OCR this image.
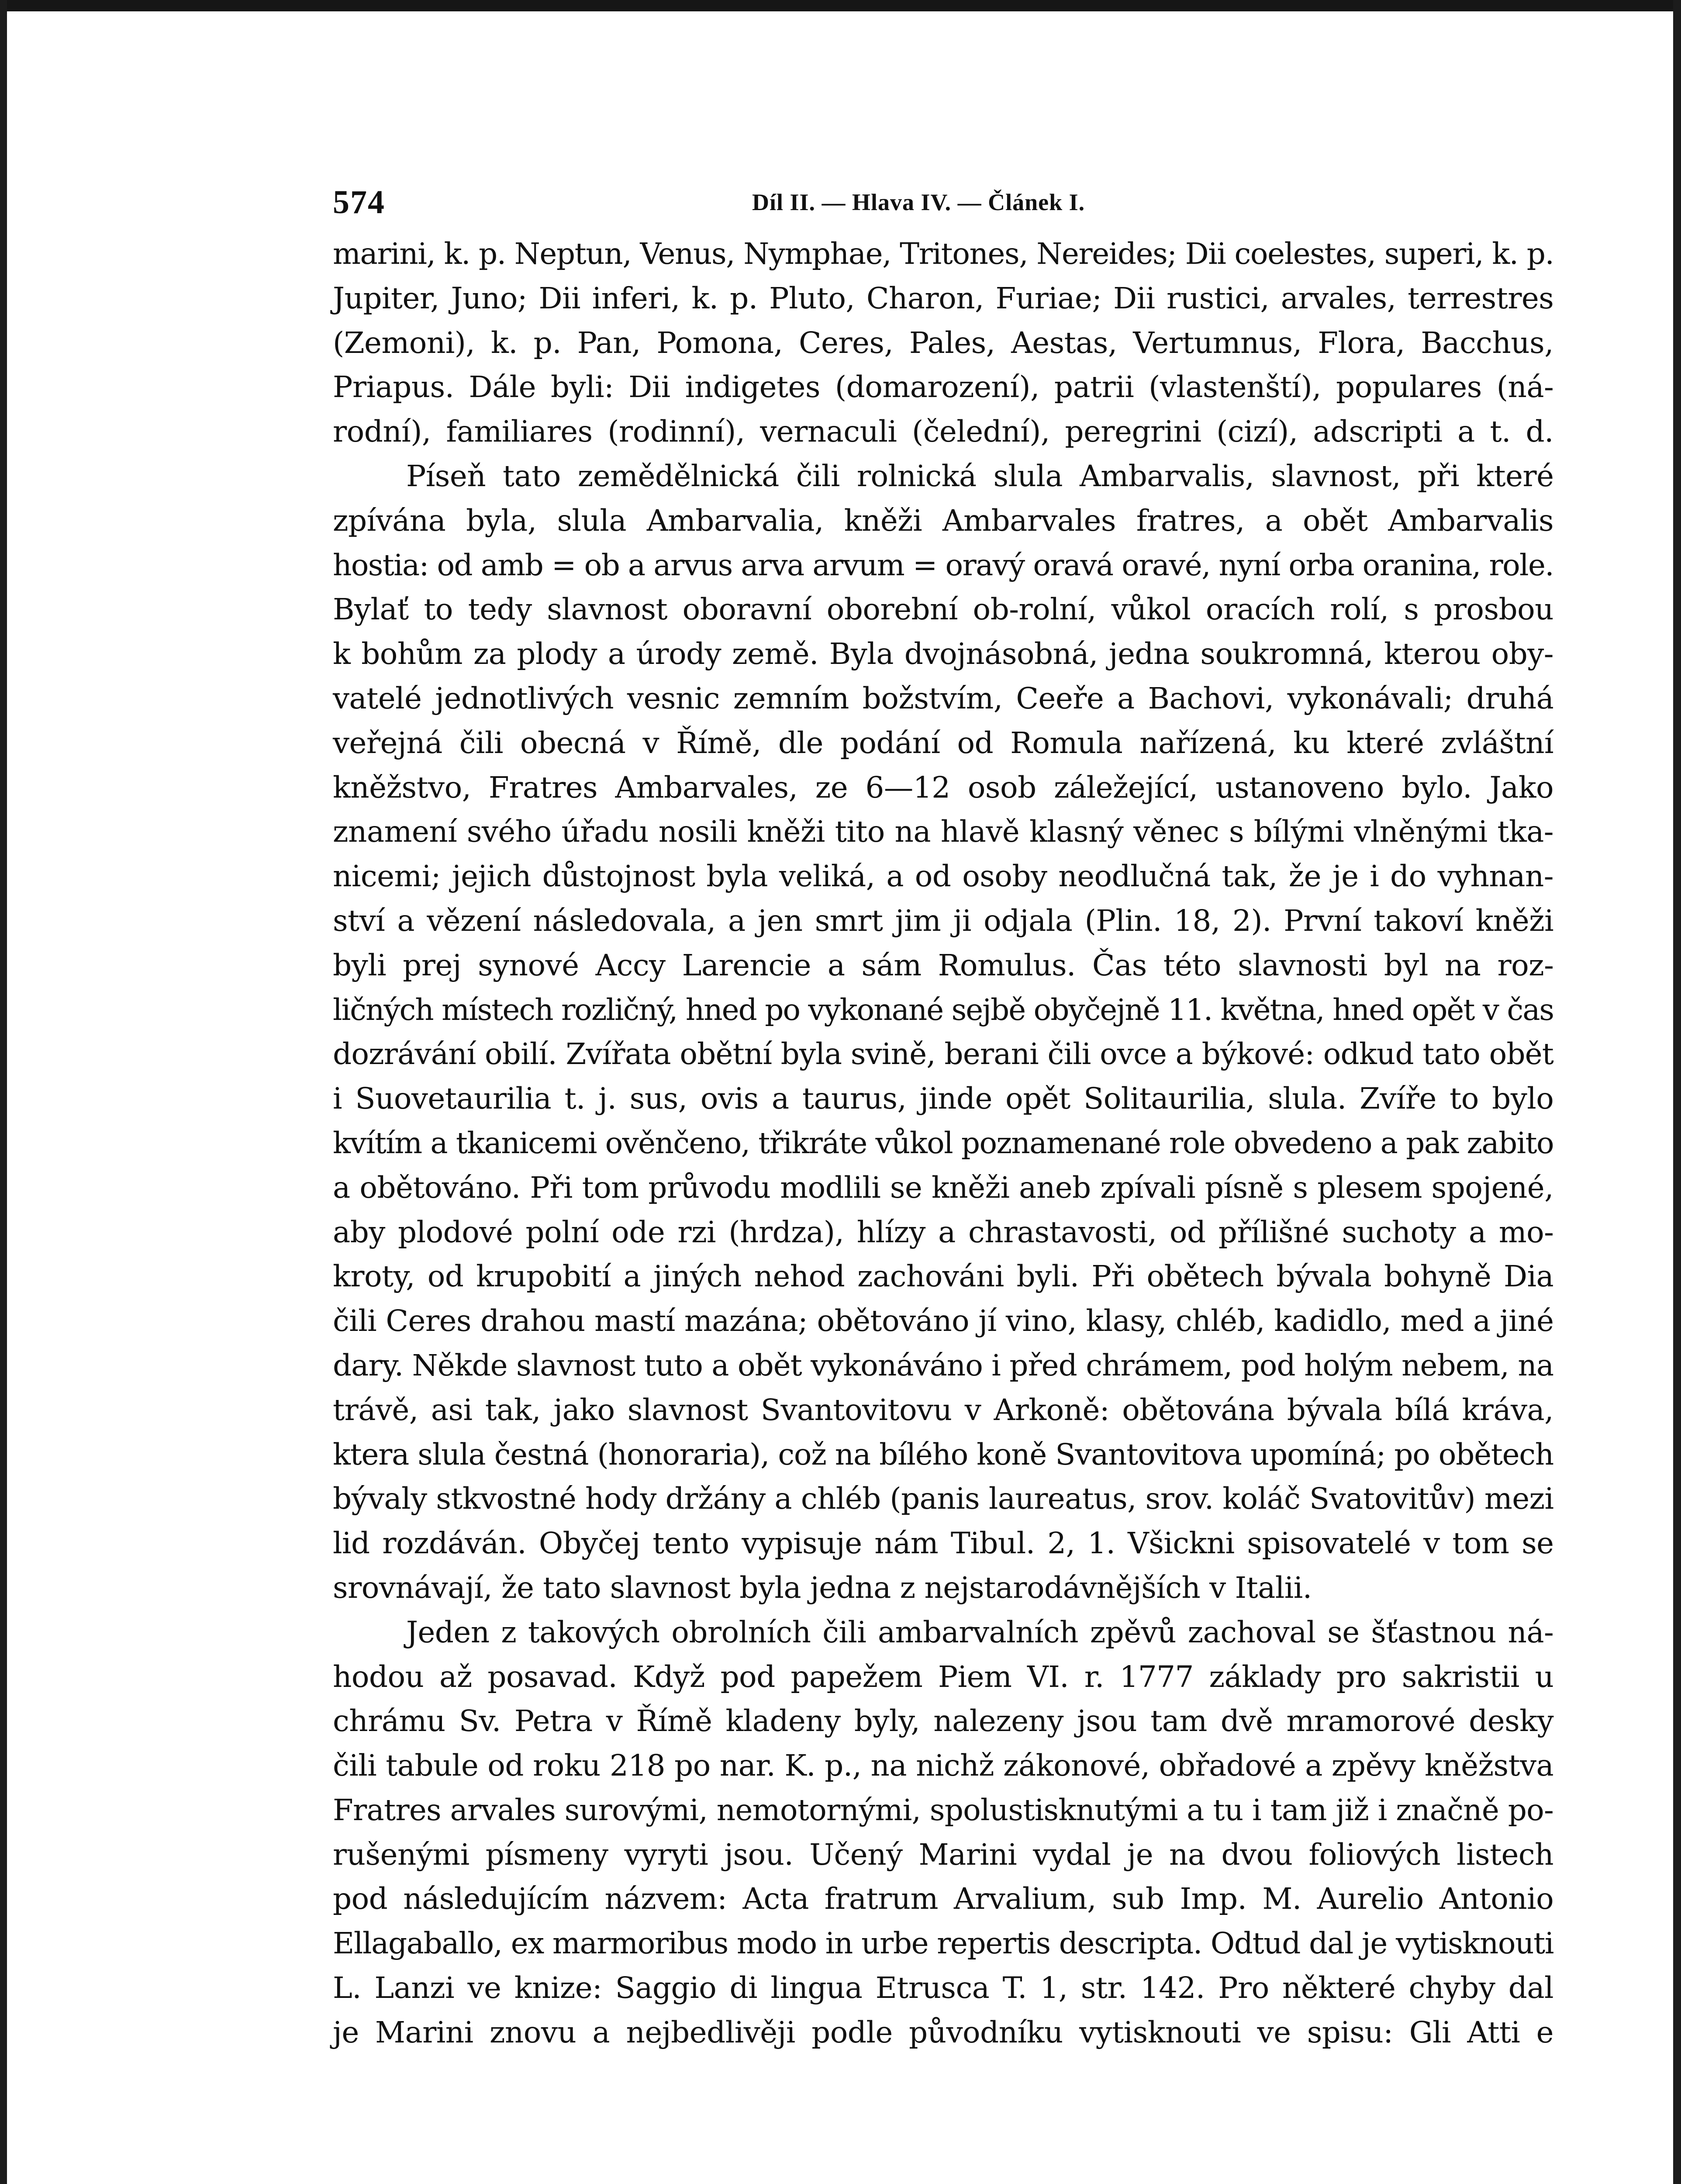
574	Díl II. — Hlava IV. — Článek I.
marini, k. p. Neptun, Venus, Nymphae, Tritones, Nereides; Dii coelestes, superi, k. p.
Jupiter, Juno; Dii inferi, k. p. Pluto, Charon, Furiae; Dii rustici, arvales, terrestres
(Zemoni), k. p. Pan, Pomona, Ceres, Pales, Aestas, Vertumnus, Flora, Bacchus,
Priapus. Dále byli: Dii indigetes (domarození), patrii (vlastenští), populares (ná-
rodní), familiares (rodinní), vernaculi (čelední), peregrini (cizí), adscripti a t. d.
Píseň tato zemědělnická čili rolnická slula Ambarvalis, slavnost, při které
zpívána byla, slula Ambarvalia, kněži Ambarvales fratres, a obět Ambarvalis
hostia: od amb = ob a arvus arva arvum = oravý oravá oravé, nyní orba oranina, role.
Bylať to tedy slavnost oboravní oborební ob-rolní, vůkol oracích rolí, s prosbou
k bohům za plody a úrody země. Byla dvojnásobná, jedna soukromná, kterou oby-
vatelé jednotlivých vesnic zemním božstvím, Ceeře a Bachovi, vykonávali; druhá
veřejná čili obecná v Římě, dle podání od Romula nařízená, ku které zvláštní
kněžstvo, Fratres Ambarvales, ze 6—12 osob záležející, ustanoveno bylo. Jako
znamení svého úřadu nosili kněži tito na hlavě klasný věnec s bílými vlněnými tka-
nicemi; jejich důstojnost byla veliká, a od osoby neodlučná tak, že je i do vyhnan-
ství a vězení následovala, a jen smrt jim ji odjala (Plin. 18, 2). První takoví kněži
byli prej synové Accy Larencie a sám Romulus. Čas této slavnosti byl na roz-
ličných místech rozličný, hned po vykonané sejbě obyčejně 11. května, hned opět v čas
dozrávání obilí. Zvířata obětní byla svině, berani čili ovce a býkové: odkud tato obět
i Suovetaurilia t. j. sus, ovis a taurus, jinde opět Solitaurilia, slula. Zvíře to bylo
kvítím a tkanicemi ověnčeno, třikráte vůkol poznamenané role obvedeno a pak zabito
a obětováno. Při tom průvodu modlili se kněži aneb zpívali písně s plesem spojené,
aby plodové polní ode rzi (hrdza), hlízy a chrastavosti, od přílišné suchoty a mo-
kroty, od krupobití a jiných nehod zachováni byli. Při obětech bývala bohyně Dia
čili Ceres drahou mastí mazána; obětováno jí vino, klasy, chléb, kadidlo, med a jiné
dary. Někde slavnost tuto a obět vykonáváno i před chrámem, pod holým nebem, na
trávě, asi tak, jako slavnost Svantovitovu v Arkoně: obětována bývala bílá kráva,
ktera slula čestná (honoraria), což na bílého koně Svantovitova upomíná; po obětech
bývaly stkvostné hody držány a chléb (panis laureatus, srov. koláč Svatovitův) mezi
lid rozdáván. Obyčej tento vypisuje nám Tibul. 2, 1. Všickni spisovatelé v tom se
srovnávají, že tato slavnost byla jedna z nejstarodávnějších v Italii.
Jeden z takových obrolních čili ambarvalních zpěvů zachoval se šťastnou ná-
hodou až posavad. Když pod papežem Piem VI. r. 1777 základy pro sakristii u
chrámu Sv. Petra v Římě kladeny byly, nalezeny jsou tam dvě mramorové desky
čili tabule od roku 218 po nar. K. p., na nichž zákonové, obřadové a zpěvy kněžstva
Fratres arvales surovými, nemotornými, spolustisknutými a tu i tam již i značně po-
rušenými písmeny vyryti jsou. Učený Marini vydal je na dvou foliových listech
pod následujícím názvem: Acta fratrum Arvalium, sub Imp. M. Aurelio Antonio
Ellagaballo, ex marmoribus modo in urbe repertis descripta. Odtud dal je vytisknouti
L. Lanzi ve knize: Saggio di lingua Etrusca T. 1, str. 142. Pro některé chyby dal
je Marini znovu a nejbedlivěji podle původníku vytisknouti ve spisu: Gli Atti e
